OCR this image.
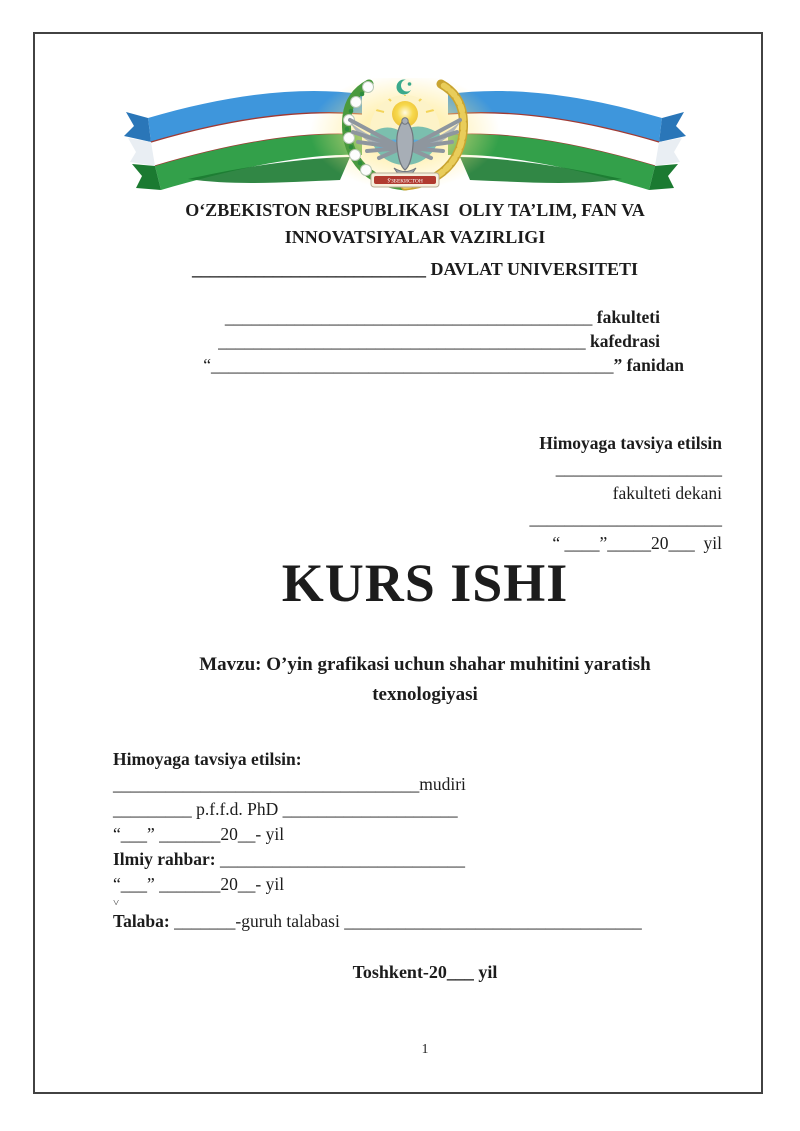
ЎЗБЕКИСТОН
OʻZBEKISTON RESPUBLIKASI  OLIY TA’LIM, FAN VA
INNOVATSIYALAR VAZIRLIGI
__________________________ DAVLAT UNIVERSITETI
__________________________________________ fakulteti
__________________________________________ kafedrasi
“______________________________________________” fanidan
Himoyaga tavsiya etilsin
___________________
fakulteti dekani
______________________
“ ____”_____20___  yil
KURS ISHI
Mavzu: O’yin grafikasi uchun shahar muhitini yaratish
texnologiyasi
Himoyaga tavsiya etilsin:
___________________________________mudiri
_________ p.f.f.d. PhD ____________________
“___” _______20__- yil
Ilmiy rahbar: ____________________________
“___” _______20__- yil
˅
Talaba: _______-guruh talabasi __________________________________
Toshkent-20___ yil
1
